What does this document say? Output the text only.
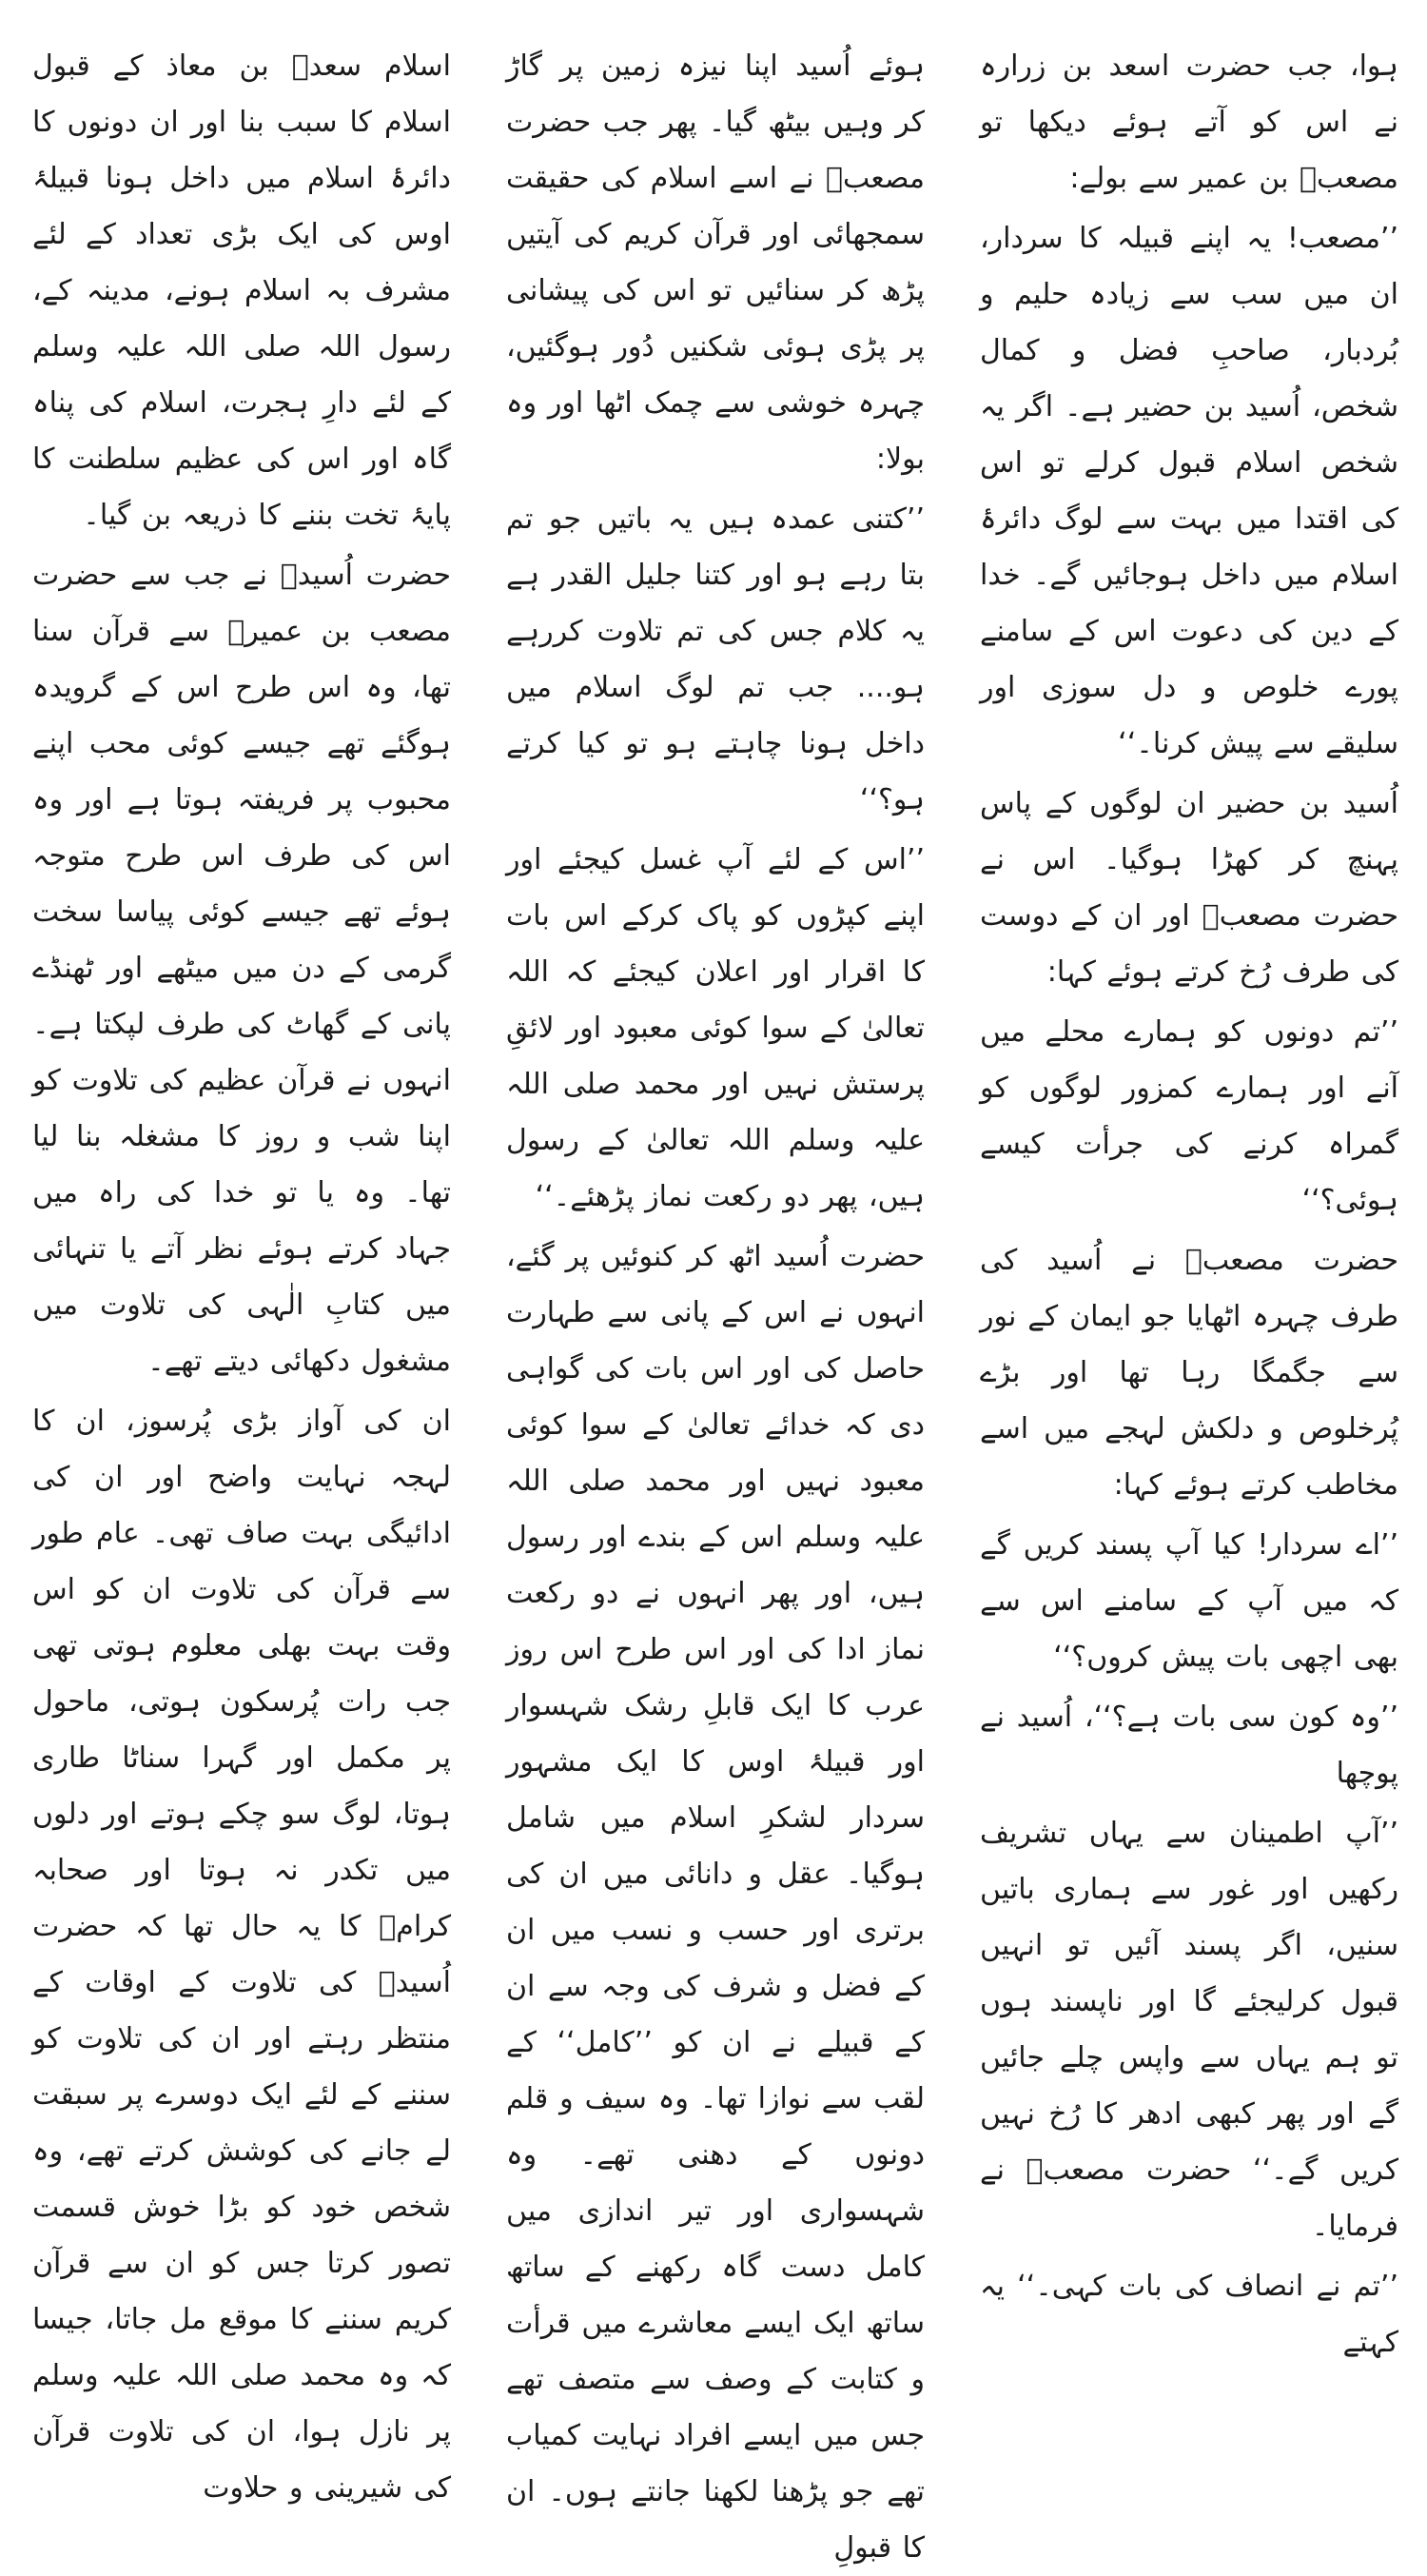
ہوا، جب حضرت اسعد بن زرارہ نے اس کو آتے ہوئے دیکھا تو مصعبؓ بن عمیر سے بولے:

’’مصعب! یہ اپنے قبیلہ کا سردار، ان میں سب سے زیادہ حلیم و بُردبار، صاحبِ فضل و کمال شخص، اُسید بن حضیر ہے۔ اگر یہ شخص اسلام قبول کرلے تو اس کی اقتدا میں بہت سے لوگ دائرۂ اسلام میں داخل ہوجائیں گے۔ خدا کے دین کی دعوت اس کے سامنے پورے خلوص و دل سوزی اور سلیقے سے پیش کرنا۔‘‘

اُسید بن حضیر ان لوگوں کے پاس پہنچ کر کھڑا ہوگیا۔ اس نے حضرت مصعبؓ اور ان کے دوست کی طرف رُخ کرتے ہوئے کہا:

’’تم دونوں کو ہمارے محلے میں آنے اور ہمارے کمزور لوگوں کو گمراہ کرنے کی جرأت کیسے ہوئی؟‘‘

حضرت مصعبؓ نے اُسید کی طرف چہرہ اٹھایا جو ایمان کے نور سے جگمگا رہا تھا اور بڑے پُرخلوص و دلکش لہجے میں اسے مخاطب کرتے ہوئے کہا:

’’اے سردار! کیا آپ پسند کریں گے کہ میں آپ کے سامنے اس سے بھی اچھی بات پیش کروں؟‘‘

’’وہ کون سی بات ہے؟‘‘، اُسید نے پوچھا

’’آپ اطمینان سے یہاں تشریف رکھیں اور غور سے ہماری باتیں سنیں، اگر پسند آئیں تو انہیں قبول کرلیجئے گا اور ناپسند ہوں تو ہم یہاں سے واپس چلے جائیں گے اور پھر کبھی ادھر کا رُخ نہیں کریں گے۔‘‘ حضرت مصعبؓ نے فرمایا۔

’’تم نے انصاف کی بات کہی۔‘‘ یہ کہتے

ہوئے اُسید اپنا نیزہ زمین پر گاڑ کر وہیں بیٹھ گیا۔ پھر جب حضرت مصعبؓ نے اسے اسلام کی حقیقت سمجھائی اور قرآن کریم کی آیتیں پڑھ کر سنائیں تو اس کی پیشانی پر پڑی ہوئی شکنیں دُور ہوگئیں، چہرہ خوشی سے چمک اٹھا اور وہ بولا:

’’کتنی عمدہ ہیں یہ باتیں جو تم بتا رہے ہو اور کتنا جلیل القدر ہے یہ کلام جس کی تم تلاوت کررہے ہو.... جب تم لوگ اسلام میں داخل ہونا چاہتے ہو تو کیا کرتے ہو؟‘‘

’’اس کے لئے آپ غسل کیجئے اور اپنے کپڑوں کو پاک کرکے اس بات کا اقرار اور اعلان کیجئے کہ اللہ تعالیٰ کے سوا کوئی معبود اور لائقِ پرستش نہیں اور محمد صلی اللہ علیہ وسلم اللہ تعالیٰ کے رسول ہیں، پھر دو رکعت نماز پڑھئے۔‘‘

حضرت اُسید اٹھ کر کنوئیں پر گئے، انہوں نے اس کے پانی سے طہارت حاصل کی اور اس بات کی گواہی دی کہ خدائے تعالیٰ کے سوا کوئی معبود نہیں اور محمد صلی اللہ علیہ وسلم اس کے بندے اور رسول ہیں، اور پھر انہوں نے دو رکعت نماز ادا کی اور اس طرح اس روز عرب کا ایک قابلِ رشک شہسوار اور قبیلۂ اوس کا ایک مشہور سردار لشکرِ اسلام میں شامل ہوگیا۔ عقل و دانائی میں ان کی برتری اور حسب و نسب میں ان کے فضل و شرف کی وجہ سے ان کے قبیلے نے ان کو ’’کامل‘‘ کے لقب سے نوازا تھا۔ وہ سیف و قلم دونوں کے دھنی تھے۔ وہ شہسواری اور تیر اندازی میں کامل دست گاہ رکھنے کے ساتھ ساتھ ایک ایسے معاشرے میں قرأت و کتابت کے وصف سے متصف تھے جس میں ایسے افراد نہایت کمیاب تھے جو پڑھنا لکھنا جانتے ہوں۔ ان کا قبولِ

اسلام سعدؓ بن معاذ کے قبول اسلام کا سبب بنا اور ان دونوں کا دائرۂ اسلام میں داخل ہونا قبیلۂ اوس کی ایک بڑی تعداد کے لئے مشرف بہ اسلام ہونے، مدینہ کے، رسول اللہ صلی اللہ علیہ وسلم کے لئے دارِ ہجرت، اسلام کی پناہ گاہ اور اس کی عظیم سلطنت کا پایۂ تخت بننے کا ذریعہ بن گیا۔

حضرت اُسیدؓ نے جب سے حضرت مصعب بن عمیرؓ سے قرآن سنا تھا، وہ اس طرح اس کے گرویدہ ہوگئے تھے جیسے کوئی محب اپنے محبوب پر فریفتہ ہوتا ہے اور وہ اس کی طرف اس طرح متوجہ ہوئے تھے جیسے کوئی پیاسا سخت گرمی کے دن میں میٹھے اور ٹھنڈے پانی کے گھاٹ کی طرف لپکتا ہے۔ انہوں نے قرآن عظیم کی تلاوت کو اپنا شب و روز کا مشغلہ بنا لیا تھا۔ وہ یا تو خدا کی راہ میں جہاد کرتے ہوئے نظر آتے یا تنہائی میں کتابِ الٰہی کی تلاوت میں مشغول دکھائی دیتے تھے۔

ان کی آواز بڑی پُرسوز، ان کا لہجہ نہایت واضح اور ان کی ادائیگی بہت صاف تھی۔ عام طور سے قرآن کی تلاوت ان کو اس وقت بہت بھلی معلوم ہوتی تھی جب رات پُرسکون ہوتی، ماحول پر مکمل اور گہرا سناٹا طاری ہوتا، لوگ سو چکے ہوتے اور دلوں میں تکدر نہ ہوتا اور صحابہ کرامؓ کا یہ حال تھا کہ حضرت اُسیدؓ کی تلاوت کے اوقات کے منتظر رہتے اور ان کی تلاوت کو سننے کے لئے ایک دوسرے پر سبقت لے جانے کی کوشش کرتے تھے، وہ شخص خود کو بڑا خوش قسمت تصور کرتا جس کو ان سے قرآن کریم سننے کا موقع مل جاتا، جیسا کہ وہ محمد صلی اللہ علیہ وسلم پر نازل ہوا، ان کی تلاوت قرآن کی شیرینی و حلاوت
